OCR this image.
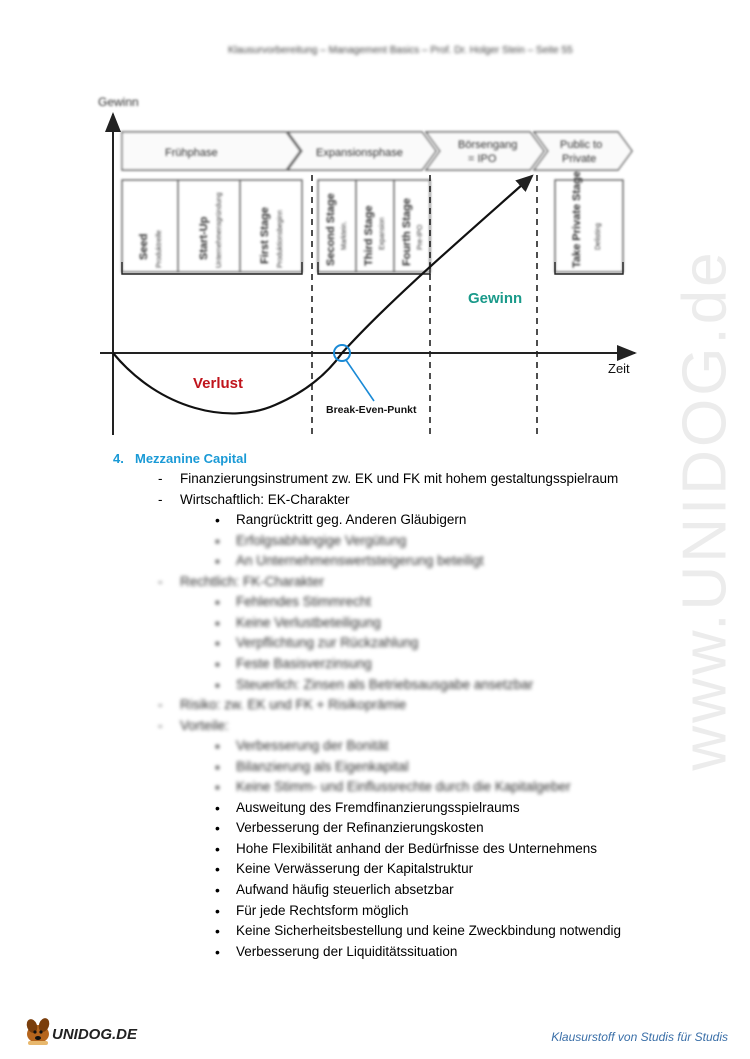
Klausurvorbereitung – Management Basics – Prof. Dr. Holger Stein – Seite 55
www.UNIDOG.de
Gewinn
Zeit
Frühphase	Expansionsphase
Börsengang
= IPO
Public to
Private
Seed Produktreife	Start-Up Unternehmensgründung	First Stage Produktionsbeginn	Second Stage Marktein. Third Stage Expansion Fourth Stage Pre-IPO	Take Private Stage Delisting
Break-Even-Punkt
Gewinn
Verlust
4. Mezzanine Capital
- Finanzierungsinstrument zw. EK und FK mit hohem gestaltungsspielraum
- Wirtschaftlich: EK-Charakter
• Rangrücktritt geg. Anderen Gläubigern
• Erfolgsabhängige Vergütung
• An Unternehmenswertsteigerung beteiligt
- Rechtlich: FK-Charakter
• Fehlendes Stimmrecht
• Keine Verlustbeteiligung
• Verpflichtung zur Rückzahlung
• Feste Basisverzinsung
• Steuerlich: Zinsen als Betriebsausgabe ansetzbar
- Risiko: zw. EK und FK + Risikoprämie
- Vorteile:
• Verbesserung der Bonität
• Bilanzierung als Eigenkapital
• Keine Stimm- und Einflussrechte durch die Kapitalgeber
• Ausweitung des Fremdfinanzierungsspielraums
• Verbesserung der Refinanzierungskosten
• Hohe Flexibilität anhand der Bedürfnisse des Unternehmens
• Keine Verwässerung der Kapitalstruktur
• Aufwand häufig steuerlich absetzbar
• Für jede Rechtsform möglich
• Keine Sicherheitsbestellung und keine Zweckbindung notwendig
• Verbesserung der Liquiditätssituation
UNIDOG.DE	Klausurstoff von Studis für Studis
